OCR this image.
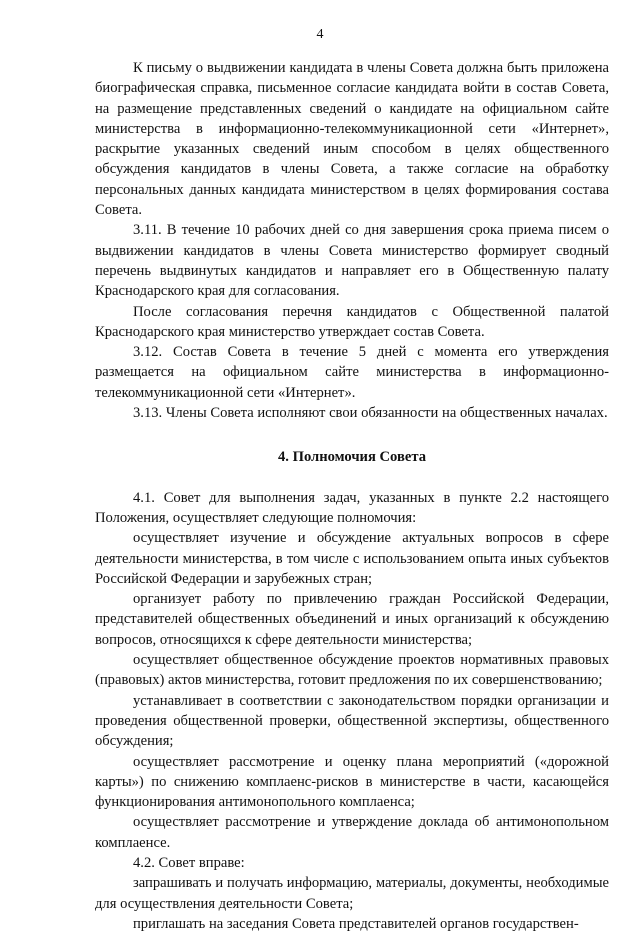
4

К письму о выдвижении кандидата в члены Совета должна быть приложена биографическая справка, письменное согласие кандидата войти в состав Совета, на размещение представленных сведений о кандидате на официальном сайте министерства в информационно-телекоммуникационной сети «Интернет», раскрытие указанных сведений иным способом в целях общественного обсуждения кандидатов в члены Совета, а также согласие на обработку персональных данных кандидата министерством в целях формирования состава Совета.

3.11. В течение 10 рабочих дней со дня завершения срока приема писем о выдвижении кандидатов в члены Совета министерство формирует сводный перечень выдвинутых кандидатов и направляет его в Общественную палату Краснодарского края для согласования.

После согласования перечня кандидатов с Общественной палатой Краснодарского края министерство утверждает состав Совета.

3.12. Состав Совета в течение 5 дней с момента его утверждения размещается на официальном сайте министерства в информационно-телекоммуникационной сети «Интернет».

3.13. Члены Совета исполняют свои обязанности на общественных началах.

4. Полномочия Совета

4.1. Совет для выполнения задач, указанных в пункте 2.2 настоящего Положения, осуществляет следующие полномочия:

осуществляет изучение и обсуждение актуальных вопросов в сфере деятельности министерства, в том числе с использованием опыта иных субъектов Российской Федерации и зарубежных стран;

организует работу по привлечению граждан Российской Федерации, представителей общественных объединений и иных организаций к обсуждению вопросов, относящихся к сфере деятельности министерства;

осуществляет общественное обсуждение проектов нормативных правовых (правовых) актов министерства, готовит предложения по их совершенствованию;

устанавливает в соответствии с законодательством порядки организации и проведения общественной проверки, общественной экспертизы, общественного обсуждения;

осуществляет рассмотрение и оценку плана мероприятий («дорожной карты») по снижению комплаенс-рисков в министерстве в части, касающейся функционирования антимонопольного комплаенса;

осуществляет рассмотрение и утверждение доклада об антимонопольном комплаенсе.

4.2. Совет вправе:

запрашивать и получать информацию, материалы, документы, необходимые для осуществления деятельности Совета;

приглашать на заседания Совета представителей органов государствен-
